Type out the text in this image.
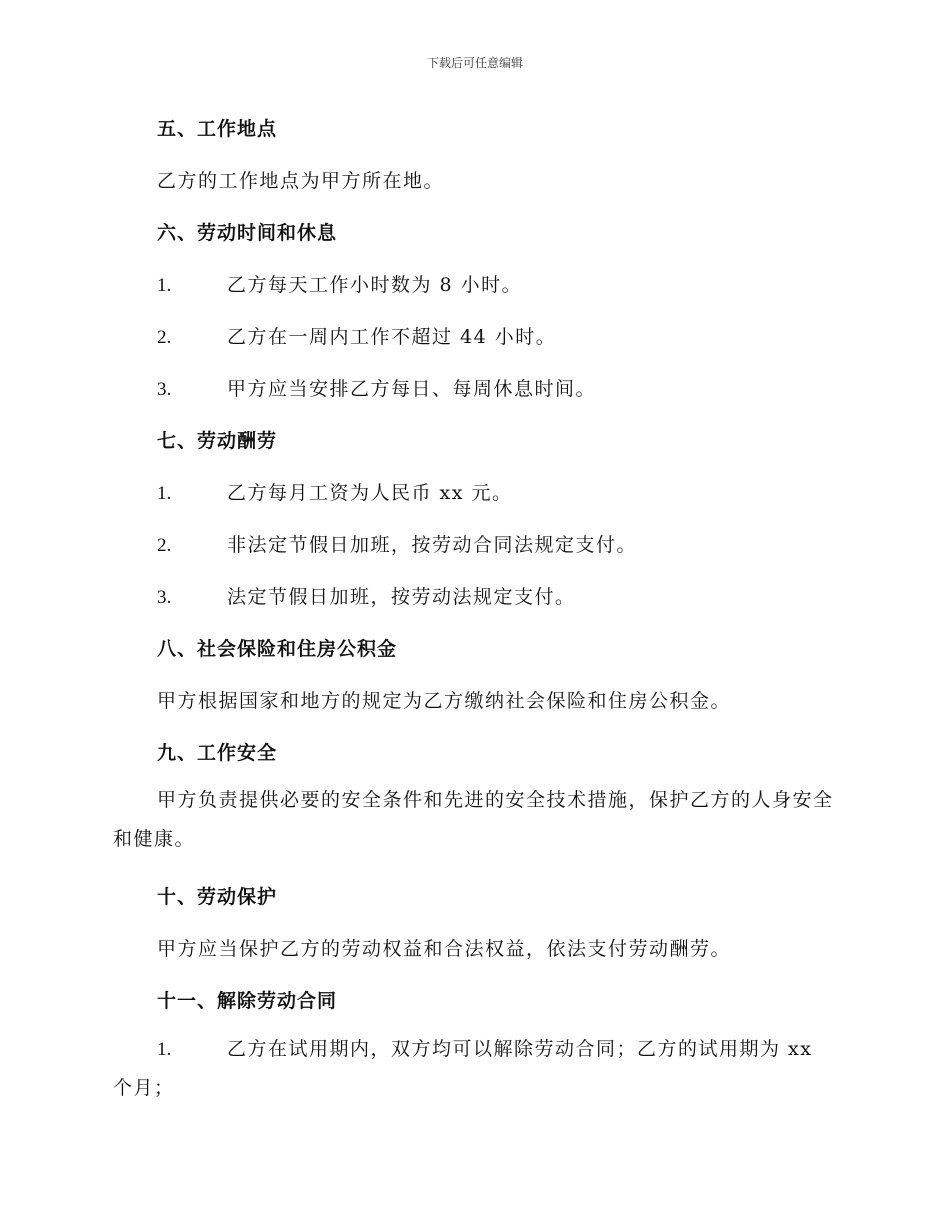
下载后可任意编辑
五、工作地点
乙方的工作地点为甲方所在地。
六、劳动时间和休息
1.	乙方每天工作小时数为 8 小时。
2.	乙方在一周内工作不超过 44 小时。
3.	甲方应当安排乙方每日、每周休息时间。
七、劳动酬劳
1.	乙方每月工资为人民币 xx 元。
2.	非法定节假日加班，按劳动合同法规定支付。
3.	法定节假日加班，按劳动法规定支付。
八、社会保险和住房公积金
甲方根据国家和地方的规定为乙方缴纳社会保险和住房公积金。
九、工作安全
甲方负责提供必要的安全条件和先进的安全技术措施，保护乙方的人身安全和健康。
十、劳动保护
甲方应当保护乙方的劳动权益和合法权益，依法支付劳动酬劳。
十一、解除劳动合同
1.	乙方在试用期内，双方均可以解除劳动合同；乙方的试用期为 xx 个月；
